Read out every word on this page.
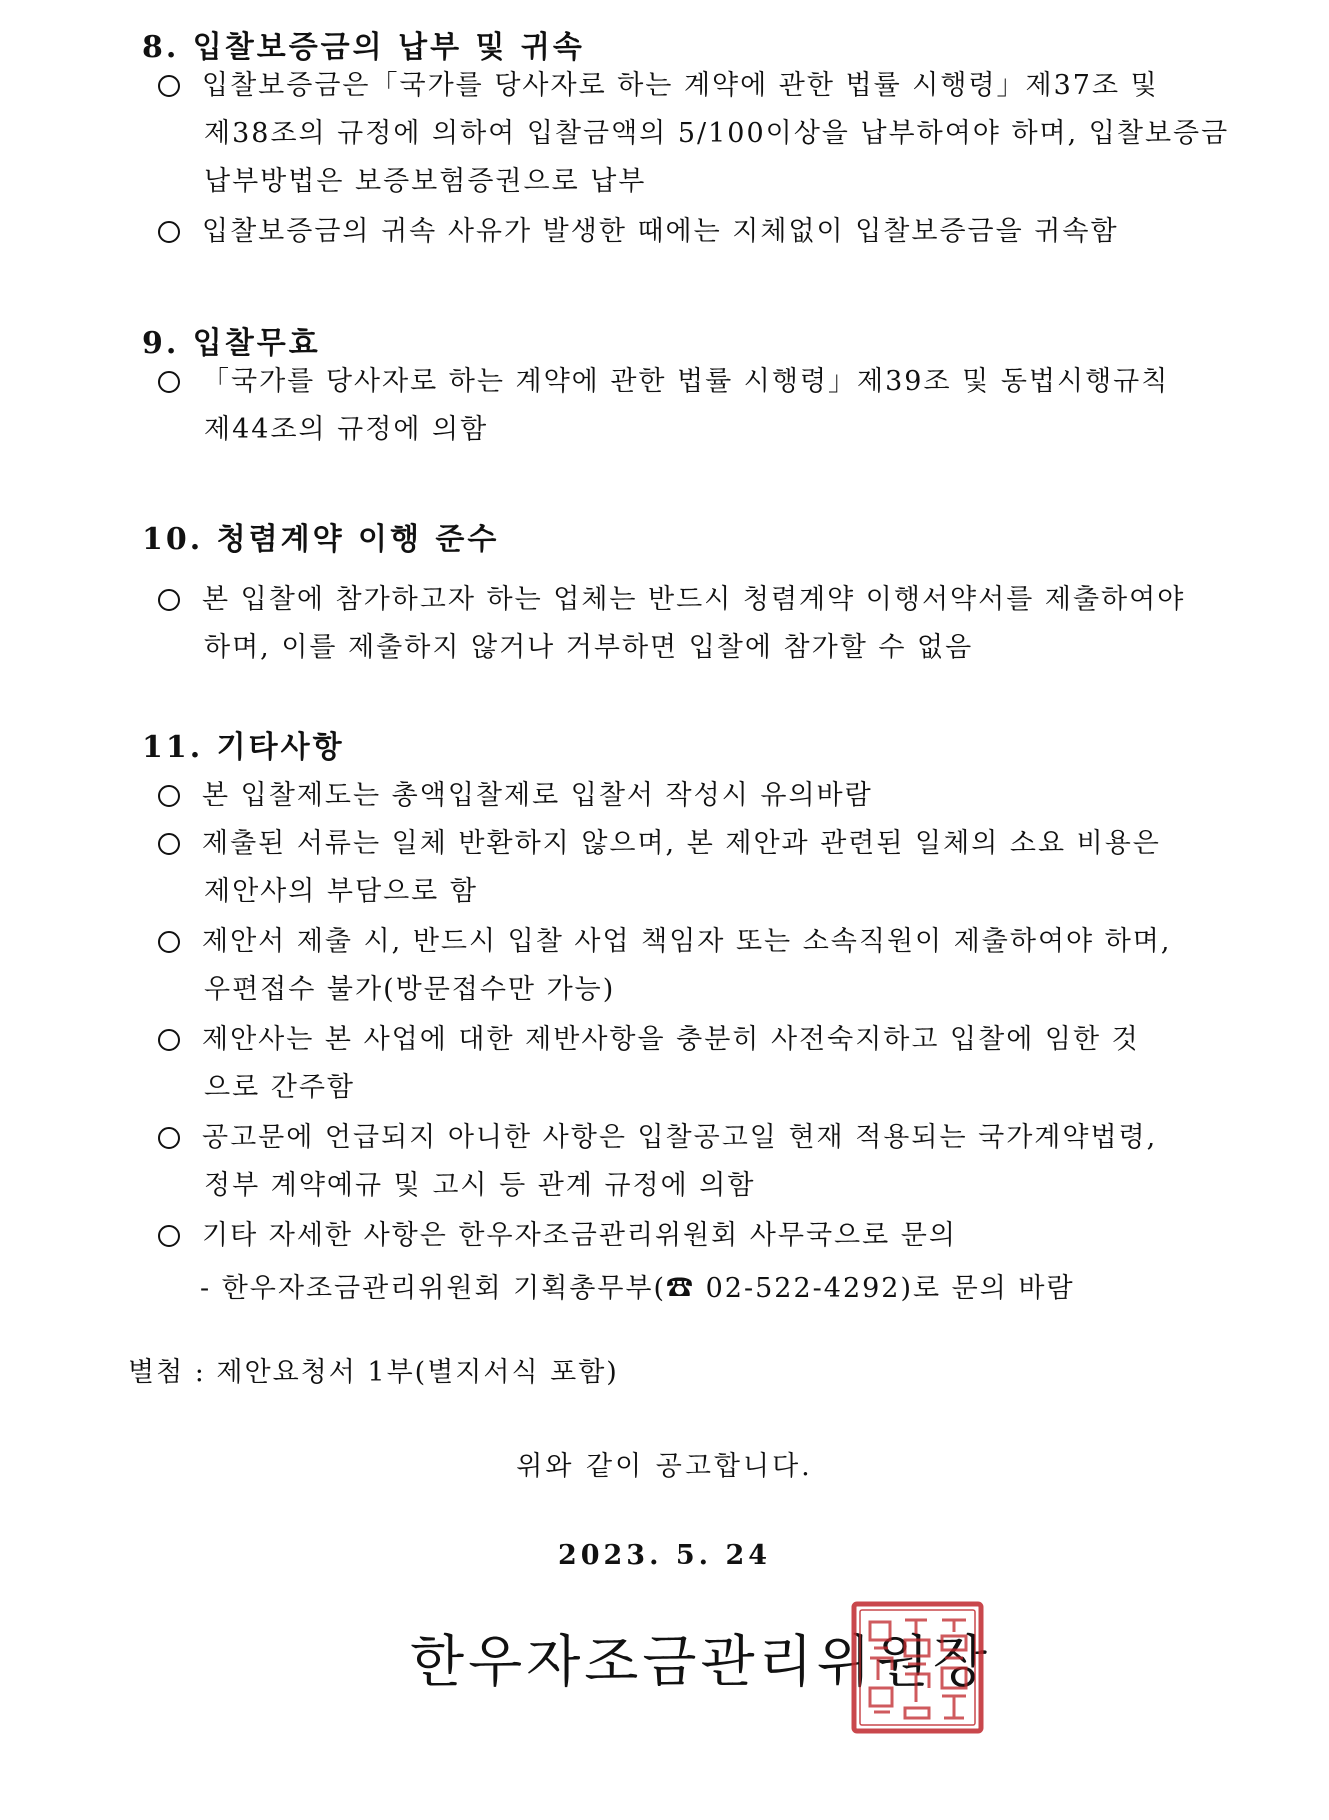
8. 입찰보증금의 납부 및 귀속
입찰보증금은「국가를 당사자로 하는 계약에 관한 법률 시행령」제37조 및
제38조의 규정에 의하여 입찰금액의 5/100이상을 납부하여야 하며, 입찰보증금
납부방법은 보증보험증권으로 납부
입찰보증금의 귀속 사유가 발생한 때에는 지체없이 입찰보증금을 귀속함
9. 입찰무효
「국가를 당사자로 하는 계약에 관한 법률 시행령」제39조 및 동법시행규칙
제44조의 규정에 의함
10. 청렴계약 이행 준수
본 입찰에 참가하고자 하는 업체는 반드시 청렴계약 이행서약서를 제출하여야
하며, 이를 제출하지 않거나 거부하면 입찰에 참가할 수 없음
11. 기타사항
본 입찰제도는 총액입찰제로 입찰서 작성시 유의바람
제출된 서류는 일체 반환하지 않으며, 본 제안과 관련된 일체의 소요 비용은
제안사의 부담으로 함
제안서 제출 시, 반드시 입찰 사업 책임자 또는 소속직원이 제출하여야 하며,
우편접수 불가(방문접수만 가능)
제안사는 본 사업에 대한 제반사항을 충분히 사전숙지하고 입찰에 임한 것
으로 간주함
공고문에 언급되지 아니한 사항은 입찰공고일 현재 적용되는 국가계약법령,
정부 계약예규 및 고시 등 관계 규정에 의함
기타 자세한 사항은 한우자조금관리위원회 사무국으로 문의
- 한우자조금관리위원회 기획총무부(☎ 02-522-4292)로 문의 바람
별첨 : 제안요청서 1부(별지서식 포함)
위와 같이 공고합니다.
2023. 5. 24
한우자조금관리위원장
